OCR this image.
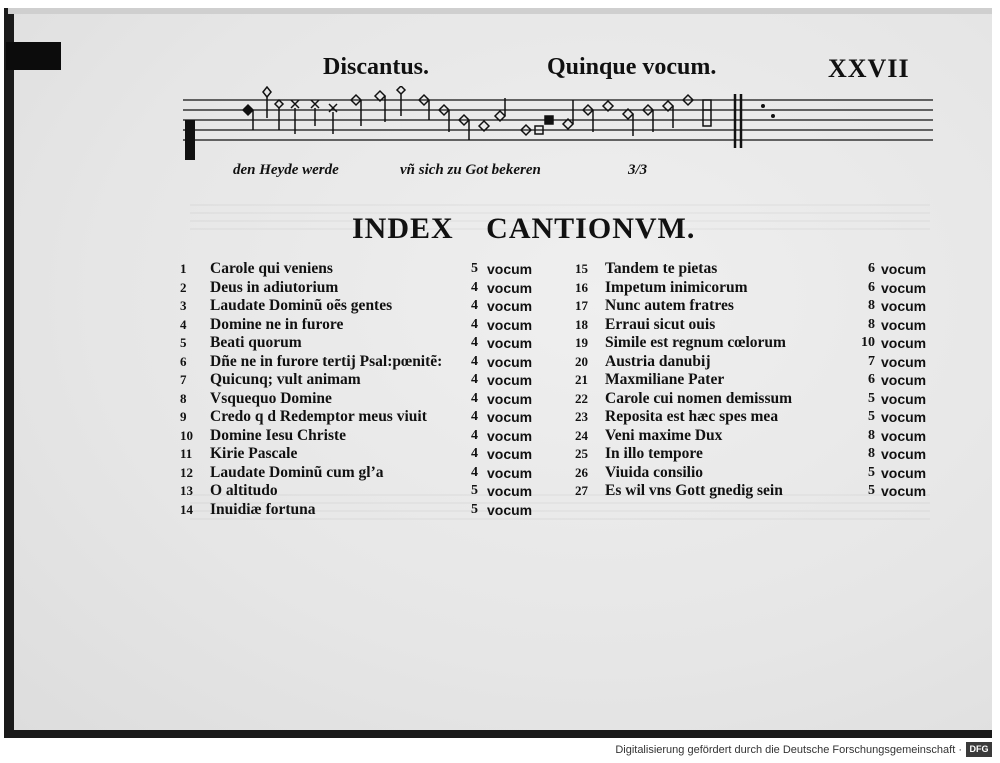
Discantus.	Quinque vocum.	XXVII
den Heyde werde	vñ sich zu Got bekeren	3/3
INDEX CANTIONVM.
1	Carole qui veniens	5 vocum
2	Deus in adiutorium	4 vocum
3	Laudate Dominũ oẽs gentes	4 vocum
4	Domine ne in furore	4 vocum
5	Beati quorum	4 vocum
6	Dñe ne in furore tertij Psal:pœnitẽ:	4 vocum
7	Quicunq; vult animam	4 vocum
8	Vsquequo Domine	4 vocum
9	Credo q d Redemptor meus viuit	4 vocum
10	Domine Iesu Christe	4 vocum
11	Kirie Pascale	4 vocum
12	Laudate Dominũ cum glʼa	4 vocum
13	O altitudo	5 vocum
14	Inuidiæ fortuna	5 vocum
15	Tandem te pietas	6 vocum
16	Impetum inimicorum	6 vocum
17	Nunc autem fratres	8 vocum
18	Erraui sicut ouis	8 vocum
19	Simile est regnum cœlorum	10 vocum
20	Austria danubij	7 vocum
21	Maxmiliane Pater	6 vocum
22	Carole cui nomen demissum	5 vocum
23	Reposita est hæc spes mea	5 vocum
24	Veni maxime Dux	8 vocum
25	In illo tempore	8 vocum
26	Viuida consilio	5 vocum
27	Es wil vns Gott gnedig sein	5 vocum
Digitalisierung gefördert durch die Deutsche Forschungsgemeinschaft · DFG
